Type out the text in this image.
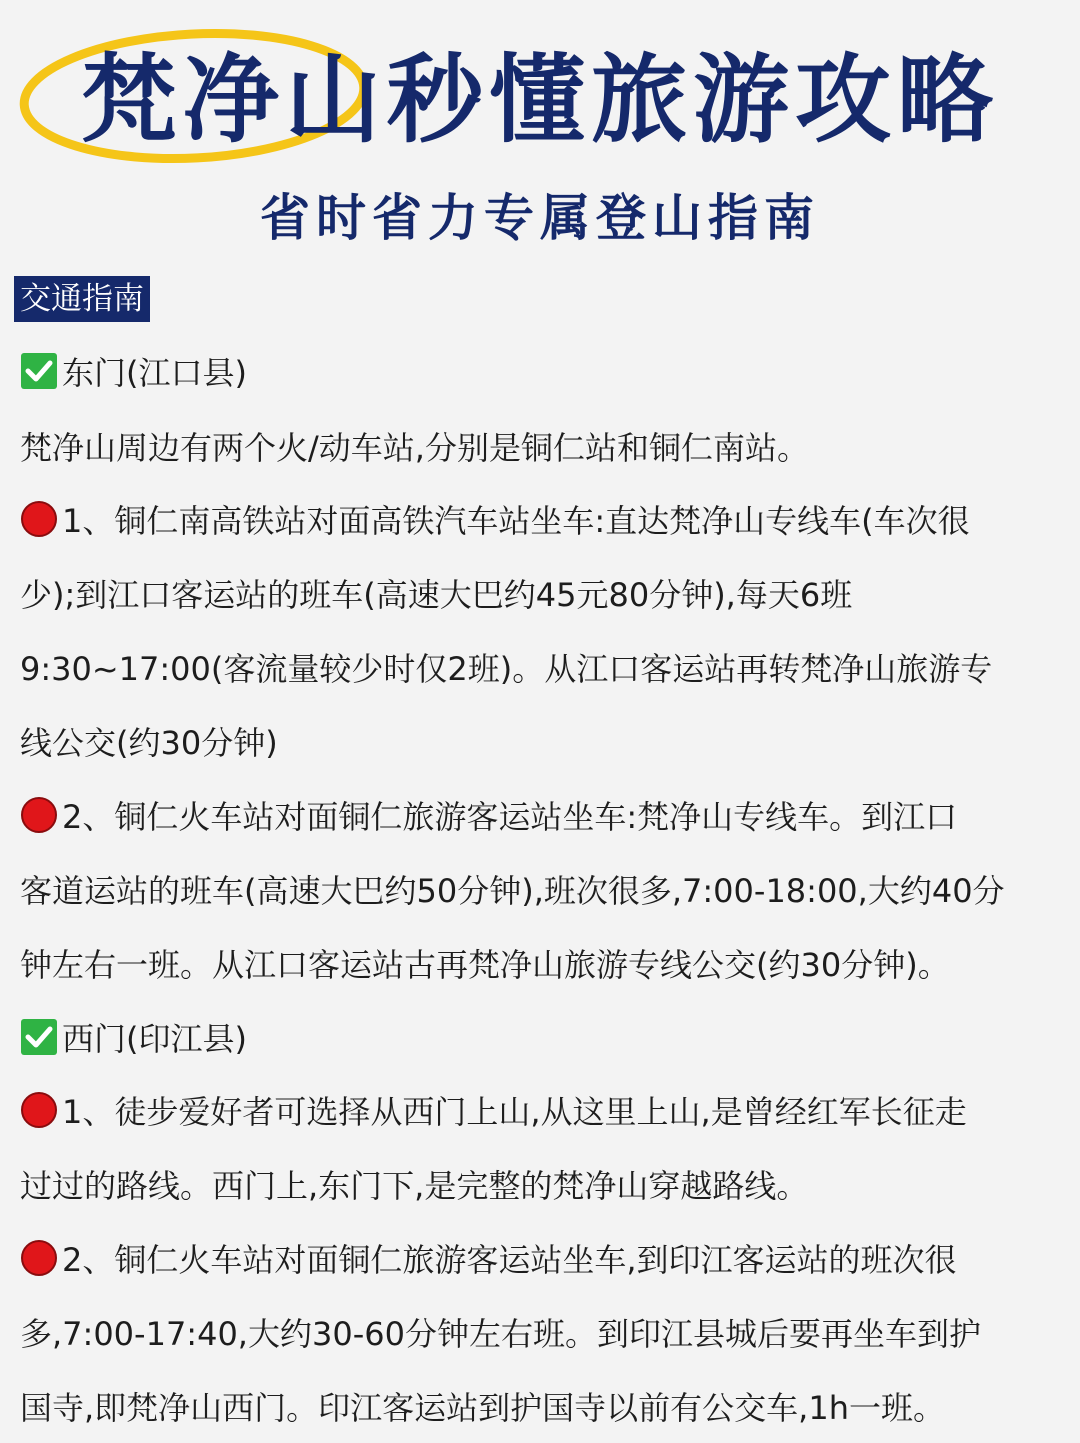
梵净山秒懂旅游攻略
省时省力专属登山指南
交通指南
东门(江口县)
梵净山周边有两个火/动车站,分别是铜仁站和铜仁南站。
1、铜仁南高铁站对面高铁汽车站坐车:直达梵净山专线车(车次很
少);到江口客运站的班车(高速大巴约45元80分钟),每天6班
9:30~17:00(客流量较少时仅2班)。从江口客运站再转梵净山旅游专
线公交(约30分钟)
2、铜仁火车站对面铜仁旅游客运站坐车:梵净山专线车。到江口
客道运站的班车(高速大巴约50分钟),班次很多,7:00-18:00,大约40分
钟左右一班。从江口客运站古再梵净山旅游专线公交(约30分钟)。
西门(印江县)
1、徒步爱好者可选择从西门上山,从这里上山,是曾经红军长征走
过过的路线。西门上,东门下,是完整的梵净山穿越路线。
2、铜仁火车站对面铜仁旅游客运站坐车,到印江客运站的班次很
多,7:00-17:40,大约30-60分钟左右班。到印江县城后要再坐车到护
国寺,即梵净山西门。印江客运站到护国寺以前有公交车,1h一班。
